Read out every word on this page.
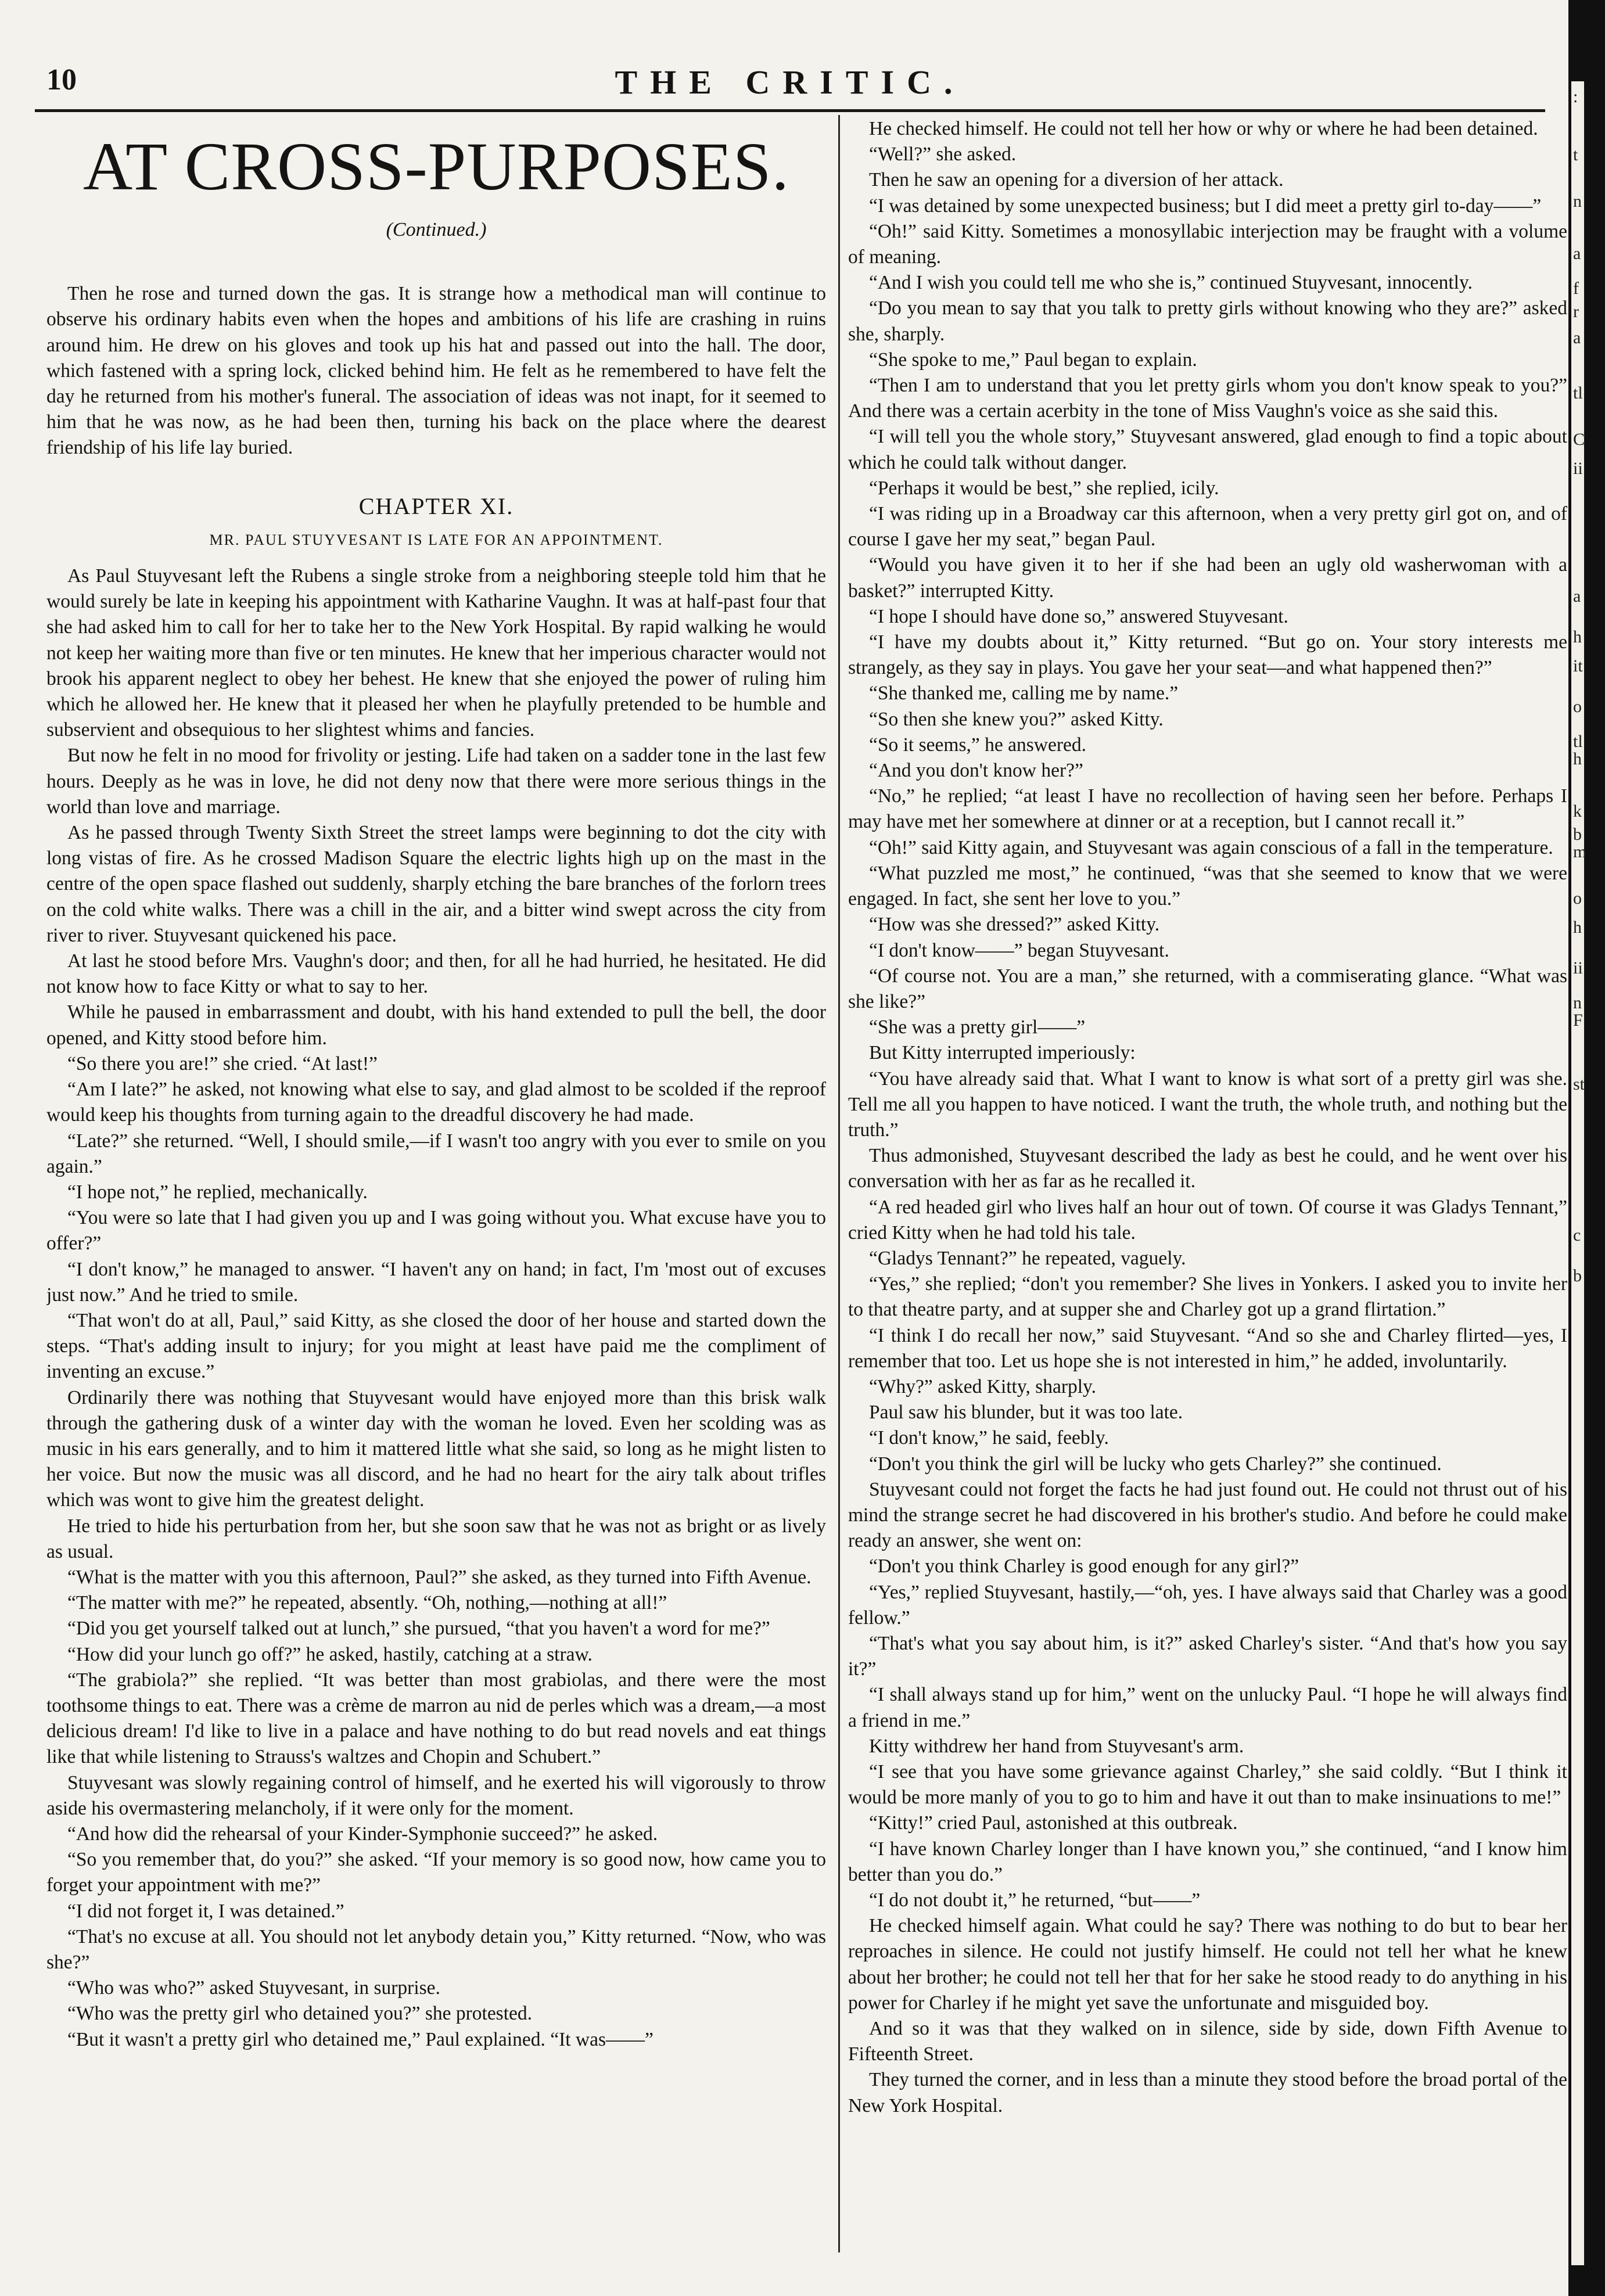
10	THE CRITIC.
AT CROSS-PURPOSES.
(Continued.)

Then he rose and turned down the gas. It is strange how a methodical man will continue to observe his ordinary habits even when the hopes and ambitions of his life are crashing in ruins around him. He drew on his gloves and took up his hat and passed out into the hall. The door, which fastened with a spring lock, clicked behind him. He felt as he remembered to have felt the day he returned from his mother's funeral. The association of ideas was not inapt, for it seemed to him that he was now, as he had been then, turning his back on the place where the dearest friendship of his life lay buried.

CHAPTER XI.
MR. PAUL STUYVESANT IS LATE FOR AN APPOINTMENT.

As Paul Stuyvesant left the Rubens a single stroke from a neighboring steeple told him that he would surely be late in keeping his appointment with Katharine Vaughn. It was at half-past four that she had asked him to call for her to take her to the New York Hospital. By rapid walking he would not keep her waiting more than five or ten minutes. He knew that her imperious character would not brook his apparent neglect to obey her behest. He knew that she enjoyed the power of ruling him which he allowed her. He knew that it pleased her when he playfully pretended to be humble and subservient and obsequious to her slightest whims and fancies.

But now he felt in no mood for frivolity or jesting. Life had taken on a sadder tone in the last few hours. Deeply as he was in love, he did not deny now that there were more serious things in the world than love and marriage.

As he passed through Twenty Sixth Street the street lamps were beginning to dot the city with long vistas of fire. As he crossed Madison Square the electric lights high up on the mast in the centre of the open space flashed out suddenly, sharply etching the bare branches of the forlorn trees on the cold white walks. There was a chill in the air, and a bitter wind swept across the city from river to river. Stuyvesant quickened his pace.

At last he stood before Mrs. Vaughn's door; and then, for all he had hurried, he hesitated. He did not know how to face Kitty or what to say to her.

While he paused in embarrassment and doubt, with his hand extended to pull the bell, the door opened, and Kitty stood before him.

“So there you are!” she cried. “At last!”

“Am I late?” he asked, not knowing what else to say, and glad almost to be scolded if the reproof would keep his thoughts from turning again to the dreadful discovery he had made.

“Late?” she returned. “Well, I should smile,—if I wasn't too angry with you ever to smile on you again.”

“I hope not,” he replied, mechanically.

“You were so late that I had given you up and I was going without you. What excuse have you to offer?”

“I don't know,” he managed to answer. “I haven't any on hand; in fact, I'm 'most out of excuses just now.” And he tried to smile.

“That won't do at all, Paul,” said Kitty, as she closed the door of her house and started down the steps. “That's adding insult to injury; for you might at least have paid me the compliment of inventing an excuse.”

Ordinarily there was nothing that Stuyvesant would have enjoyed more than this brisk walk through the gathering dusk of a winter day with the woman he loved. Even her scolding was as music in his ears generally, and to him it mattered little what she said, so long as he might listen to her voice. But now the music was all discord, and he had no heart for the airy talk about trifles which was wont to give him the greatest delight.

He tried to hide his perturbation from her, but she soon saw that he was not as bright or as lively as usual.

“What is the matter with you this afternoon, Paul?” she asked, as they turned into Fifth Avenue.

“The matter with me?” he repeated, absently. “Oh, nothing,—nothing at all!”

“Did you get yourself talked out at lunch,” she pursued, “that you haven't a word for me?”

“How did your lunch go off?” he asked, hastily, catching at a straw.

“The grabiola?” she replied. “It was better than most grabiolas, and there were the most toothsome things to eat. There was a crème de marron au nid de perles which was a dream,—a most delicious dream! I'd like to live in a palace and have nothing to do but read novels and eat things like that while listening to Strauss's waltzes and Chopin and Schubert.”

Stuyvesant was slowly regaining control of himself, and he exerted his will vigorously to throw aside his overmastering melancholy, if it were only for the moment.

“And how did the rehearsal of your Kinder-Symphonie succeed?” he asked.

“So you remember that, do you?” she asked. “If your memory is so good now, how came you to forget your appointment with me?”

“I did not forget it, I was detained.”

“That's no excuse at all. You should not let anybody detain you,” Kitty returned. “Now, who was she?”

“Who was who?” asked Stuyvesant, in surprise.

“Who was the pretty girl who detained you?” she protested.

“But it wasn't a pretty girl who detained me,” Paul explained. “It was——”

He checked himself. He could not tell her how or why or where he had been detained.

“Well?” she asked.

Then he saw an opening for a diversion of her attack.

“I was detained by some unexpected business; but I did meet a pretty girl to-day——”

“Oh!” said Kitty. Sometimes a monosyllabic interjection may be fraught with a volume of meaning.

“And I wish you could tell me who she is,” continued Stuyvesant, innocently.

“Do you mean to say that you talk to pretty girls without knowing who they are?” asked she, sharply.

“She spoke to me,” Paul began to explain.

“Then I am to understand that you let pretty girls whom you don't know speak to you?” And there was a certain acerbity in the tone of Miss Vaughn's voice as she said this.

“I will tell you the whole story,” Stuyvesant answered, glad enough to find a topic about which he could talk without danger.

“Perhaps it would be best,” she replied, icily.

“I was riding up in a Broadway car this afternoon, when a very pretty girl got on, and of course I gave her my seat,” began Paul.

“Would you have given it to her if she had been an ugly old washerwoman with a basket?” interrupted Kitty.

“I hope I should have done so,” answered Stuyvesant.

“I have my doubts about it,” Kitty returned. “But go on. Your story interests me strangely, as they say in plays. You gave her your seat—and what happened then?”

“She thanked me, calling me by name.”

“So then she knew you?” asked Kitty.

“So it seems,” he answered.

“And you don't know her?”

“No,” he replied; “at least I have no recollection of having seen her before. Perhaps I may have met her somewhere at dinner or at a reception, but I cannot recall it.”

“Oh!” said Kitty again, and Stuyvesant was again conscious of a fall in the temperature.

“What puzzled me most,” he continued, “was that she seemed to know that we were engaged. In fact, she sent her love to you.”

“How was she dressed?” asked Kitty.

“I don't know——” began Stuyvesant.

“Of course not. You are a man,” she returned, with a commiserating glance. “What was she like?”

“She was a pretty girl——”

But Kitty interrupted imperiously:

“You have already said that. What I want to know is what sort of a pretty girl was she. Tell me all you happen to have noticed. I want the truth, the whole truth, and nothing but the truth.”

Thus admonished, Stuyvesant described the lady as best he could, and he went over his conversation with her as far as he recalled it.

“A red headed girl who lives half an hour out of town. Of course it was Gladys Tennant,” cried Kitty when he had told his tale.

“Gladys Tennant?” he repeated, vaguely.

“Yes,” she replied; “don't you remember? She lives in Yonkers. I asked you to invite her to that theatre party, and at supper she and Charley got up a grand flirtation.”

“I think I do recall her now,” said Stuyvesant. “And so she and Charley flirted—yes, I remember that too. Let us hope she is not interested in him,” he added, involuntarily.

“Why?” asked Kitty, sharply.

Paul saw his blunder, but it was too late.

“I don't know,” he said, feebly.

“Don't you think the girl will be lucky who gets Charley?” she continued.

Stuyvesant could not forget the facts he had just found out. He could not thrust out of his mind the strange secret he had discovered in his brother's studio. And before he could make ready an answer, she went on:

“Don't you think Charley is good enough for any girl?”

“Yes,” replied Stuyvesant, hastily,—“oh, yes. I have always said that Charley was a good fellow.”

“That's what you say about him, is it?” asked Charley's sister. “And that's how you say it?”

“I shall always stand up for him,” went on the unlucky Paul. “I hope he will always find a friend in me.”

Kitty withdrew her hand from Stuyvesant's arm.

“I see that you have some grievance against Charley,” she said coldly. “But I think it would be more manly of you to go to him and have it out than to make insinuations to me!”

“Kitty!” cried Paul, astonished at this outbreak.

“I have known Charley longer than I have known you,” she continued, “and I know him better than you do.”

“I do not doubt it,” he returned, “but——”

He checked himself again. What could he say? There was nothing to do but to bear her reproaches in silence. He could not justify himself. He could not tell her what he knew about her brother; he could not tell her that for her sake he stood ready to do anything in his power for Charley if he might yet save the unfortunate and misguided boy.

And so it was that they walked on in silence, side by side, down Fifth Avenue to Fifteenth Street.

They turned the corner, and in less than a minute they stood before the broad portal of the New York Hospital.

:
t
n
a
f
r
a
tl
C
ii
a
h
it
o
tl
h
k
b
m
o
h
ii
n
F
st
c
b
